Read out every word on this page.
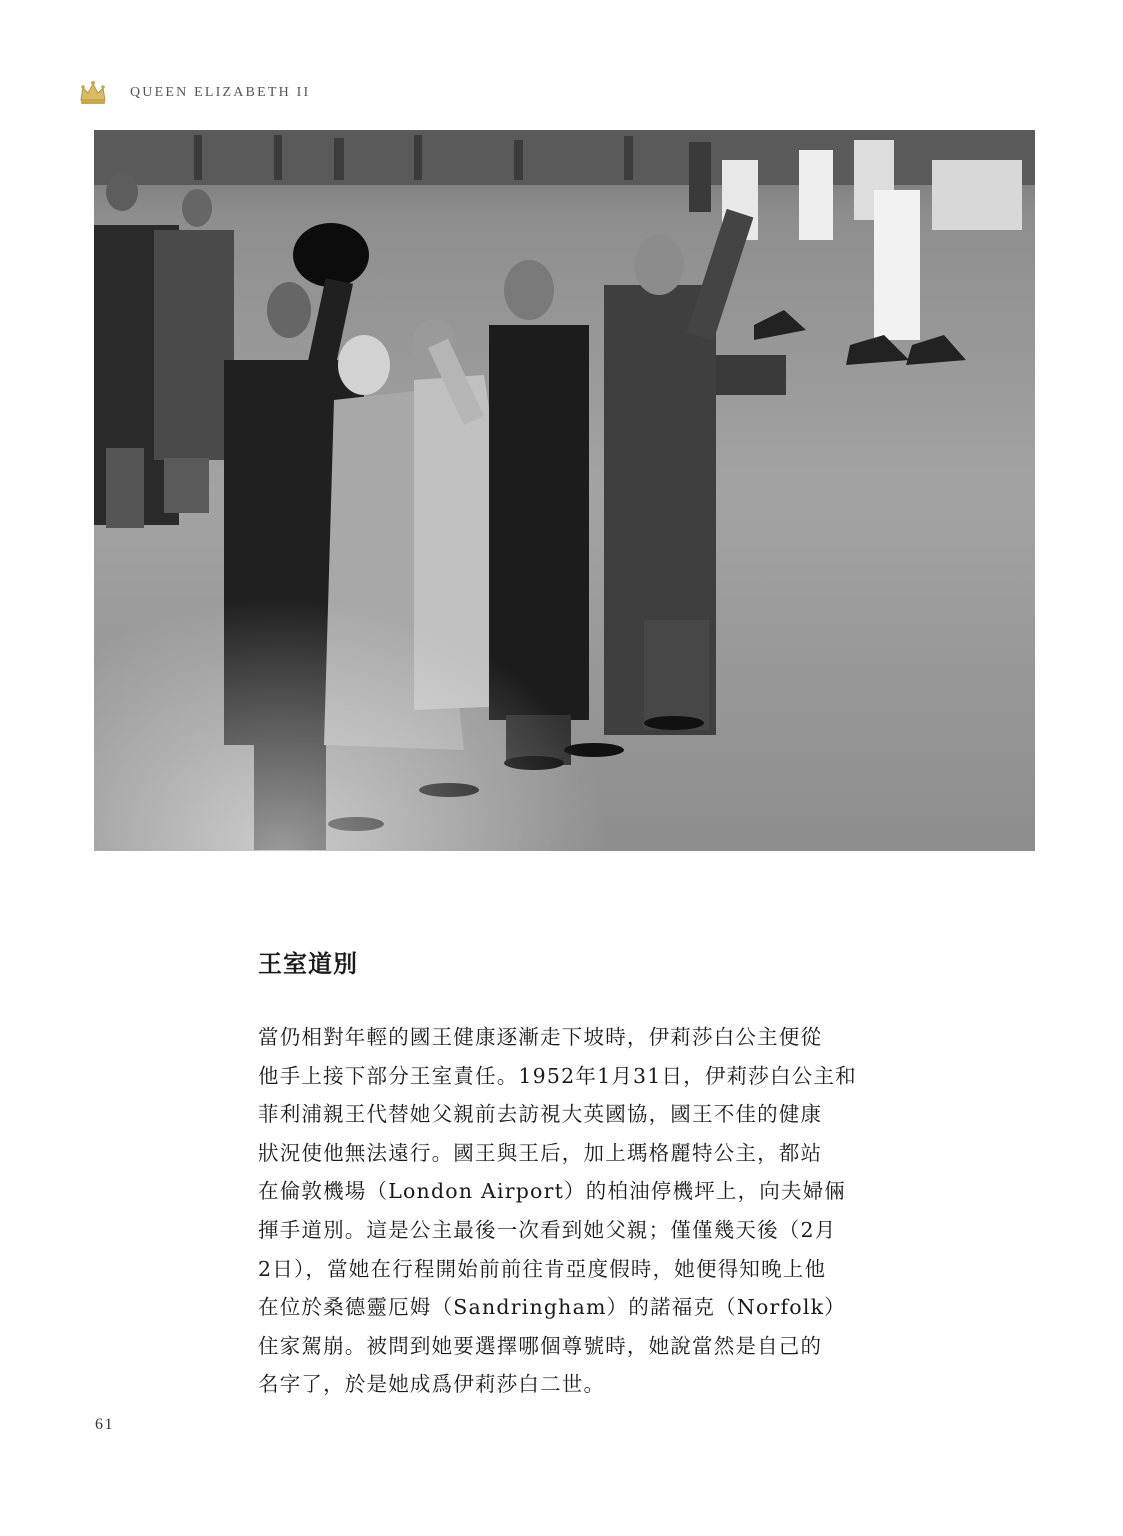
QUEEN ELIZABETH II
王室道別
當仍相對年輕的國王健康逐漸走下坡時，伊莉莎白公主便從
他手上接下部分王室責任。1952年1月31日，伊莉莎白公主和
菲利浦親王代替她父親前去訪視大英國協，國王不佳的健康
狀況使他無法遠行。國王與王后，加上瑪格麗特公主，都站
在倫敦機場（London Airport）的柏油停機坪上，向夫婦倆
揮手道別。這是公主最後一次看到她父親；僅僅幾天後（2月
2日），當她在行程開始前前往肯亞度假時，她便得知晚上他
在位於桑德靈厄姆（Sandringham）的諾福克（Norfolk）
住家駕崩。被問到她要選擇哪個尊號時，她說當然是自己的
名字了，於是她成爲伊莉莎白二世。
61
